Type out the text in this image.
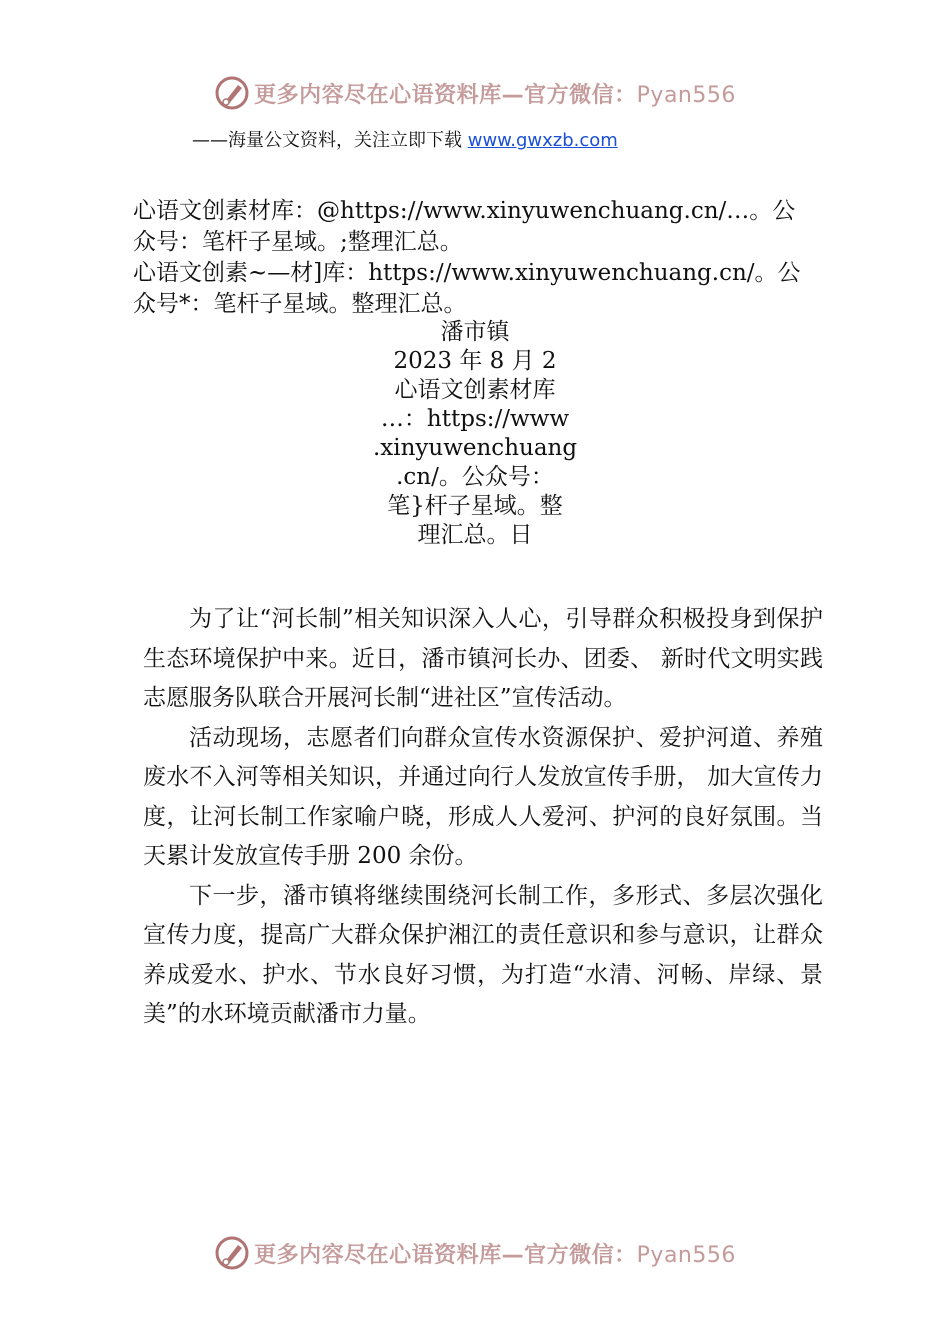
更多内容尽在心语资料库—官方微信：Pyan556
——海量公文资料，关注立即下载 www.gwxzb.com
心语文创素材库：@https://www.xinyuwenchuang.cn/…。公
众号：笔杆子星域。;整理汇总。
心语文创素~—材]库：https://www.xinyuwenchuang.cn/。公
众号*：笔杆子星域。整理汇总。
潘市镇
2023 年 8 月 2
心语文创素材库
…：https://www
.xinyuwenchuang
.cn/。公众号：
笔}杆子星域。整
理汇总。日

为了让“河长制”相关知识深入人心，引导群众积极投身到保护生态环境保护中来。近日，潘市镇河长办、团委、 新时代文明实践志愿服务队联合开展河长制“进社区”宣传活动。

活动现场，志愿者们向群众宣传水资源保护、爱护河道、养殖废水不入河等相关知识，并通过向行人发放宣传手册， 加大宣传力度，让河长制工作家喻户晓，形成人人爱河、护河的良好氛围。当天累计发放宣传手册 200 余份。

下一步，潘市镇将继续围绕河长制工作，多形式、多层次强化宣传力度，提高广大群众保护湘江的责任意识和参与意识，让群众养成爱水、护水、节水良好习惯，为打造“水清、河畅、岸绿、景美”的水环境贡献潘市力量。

更多内容尽在心语资料库—官方微信：Pyan556
